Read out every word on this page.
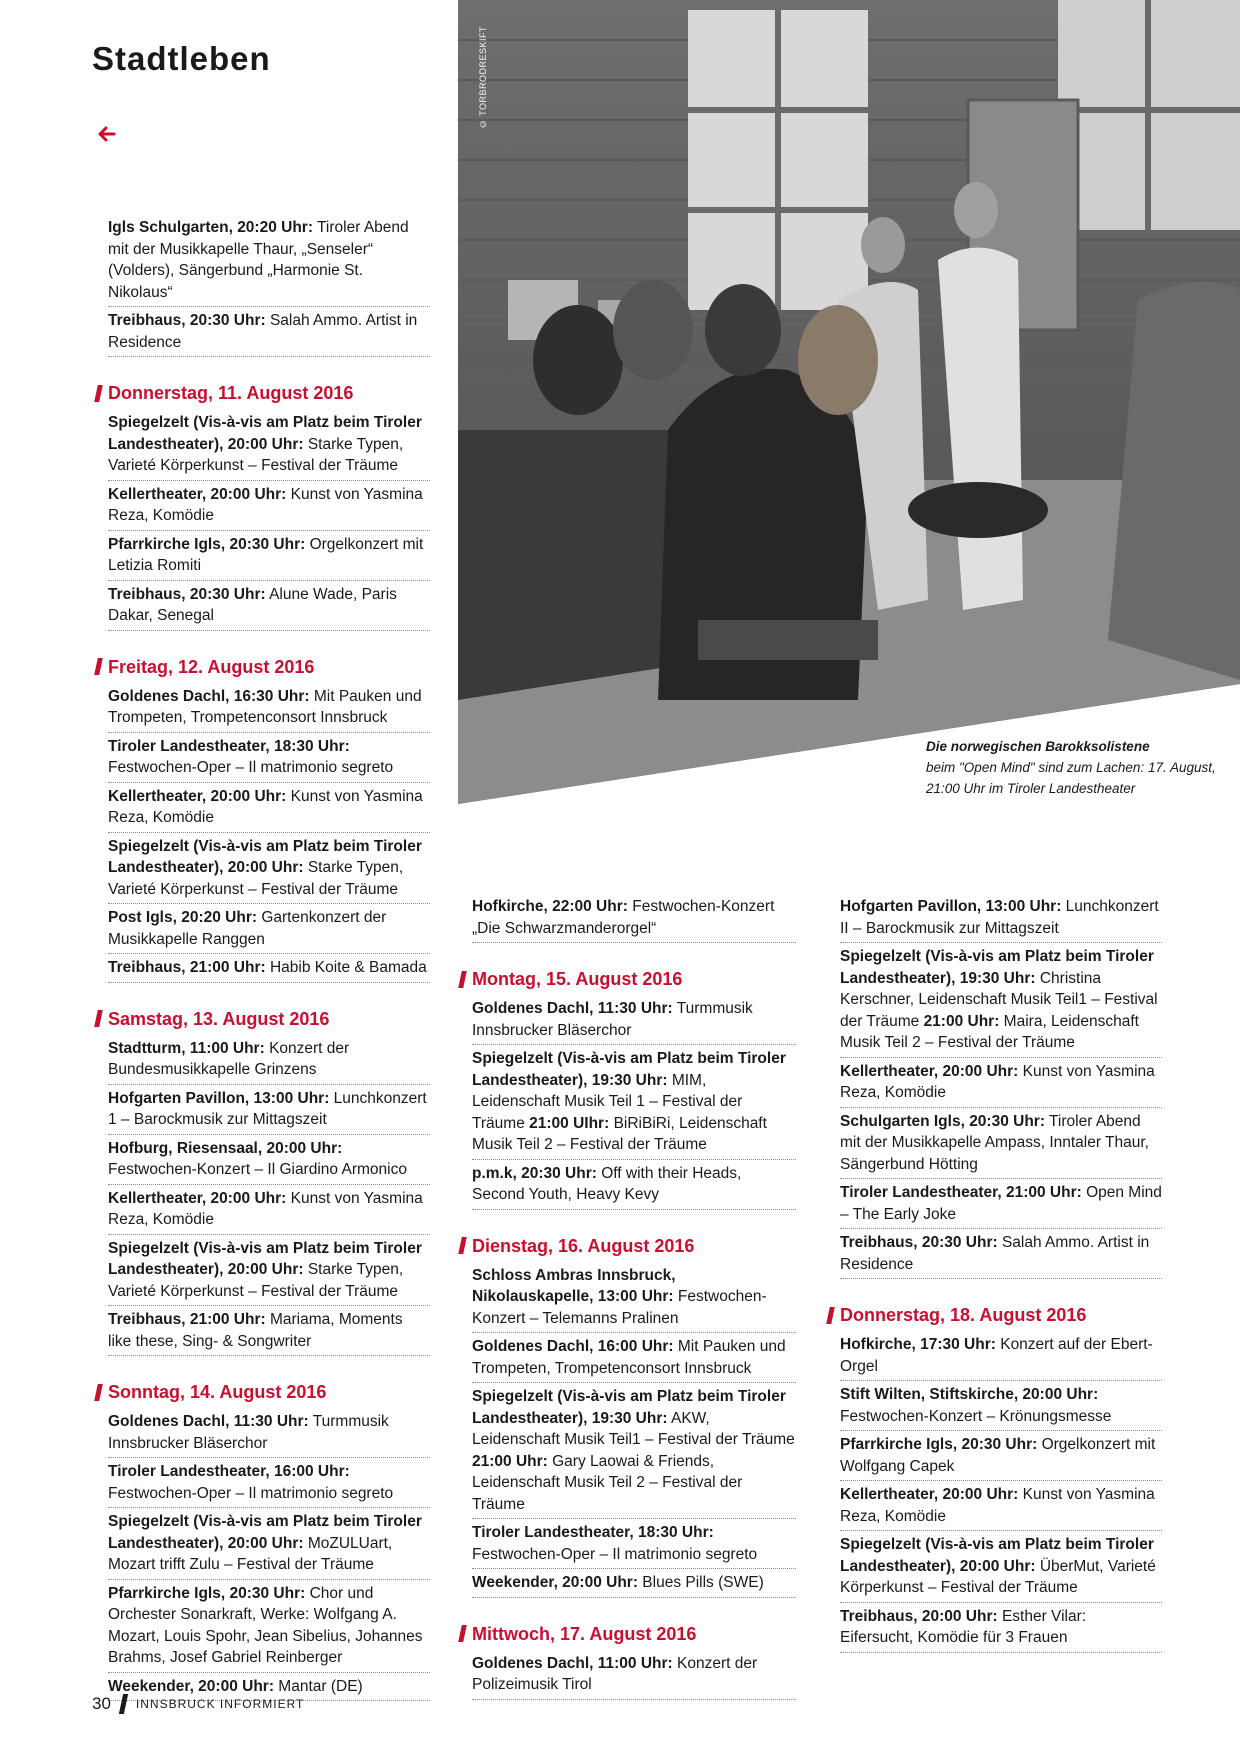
Stadtleben	© TORBRODRESKIFT
Die norwegischen Barokksolistene
beim "Open Mind" sind zum Lachen: 17. August, 21:00 Uhr im Tiroler Landestheater
Igls Schulgarten, 20:20 Uhr: Tiroler Abend mit der Musikkapelle Thaur, „Senseler“ (Volders), Sängerbund „Harmonie St. Nikolaus“
Treibhaus, 20:30 Uhr: Salah Ammo. Artist in Residence
Donnerstag, 11. August 2016
Spiegelzelt (Vis-à-vis am Platz beim Tiroler Landestheater), 20:00 Uhr: Starke Typen, Varieté Körperkunst – Festival der Träume
Kellertheater, 20:00 Uhr: Kunst von Yasmina Reza, Komödie
Pfarrkirche Igls, 20:30 Uhr: Orgelkonzert mit Letizia Romiti
Treibhaus, 20:30 Uhr: Alune Wade, Paris Dakar, Senegal
Freitag, 12. August 2016
Goldenes Dachl, 16:30 Uhr: Mit Pauken und Trompeten, Trompetenconsort Innsbruck
Tiroler Landestheater, 18:30 Uhr: Festwochen-Oper – Il matrimonio segreto
Kellertheater, 20:00 Uhr: Kunst von Yasmina Reza, Komödie
Spiegelzelt (Vis-à-vis am Platz beim Tiroler Landestheater), 20:00 Uhr: Starke Typen, Varieté Körperkunst – Festival der Träume
Post Igls, 20:20 Uhr: Gartenkonzert der Musikkapelle Ranggen
Treibhaus, 21:00 Uhr: Habib Koite & Bamada
Samstag, 13. August 2016
Stadtturm, 11:00 Uhr: Konzert der Bundesmusikkapelle Grinzens
Hofgarten Pavillon, 13:00 Uhr: Lunchkonzert 1 – Barockmusik zur Mittagszeit
Hofburg, Riesensaal, 20:00 Uhr: Festwochen-Konzert – Il Giardino Armonico
Kellertheater, 20:00 Uhr: Kunst von Yasmina Reza, Komödie
Spiegelzelt (Vis-à-vis am Platz beim Tiroler Landestheater), 20:00 Uhr: Starke Typen, Varieté Körperkunst – Festival der Träume
Treibhaus, 21:00 Uhr: Mariama, Moments like these, Sing- & Songwriter
Sonntag, 14. August 2016
Goldenes Dachl, 11:30 Uhr: Turmmusik Innsbrucker Bläserchor
Tiroler Landestheater, 16:00 Uhr: Festwochen-Oper – Il matrimonio segreto
Spiegelzelt (Vis-à-vis am Platz beim Tiroler Landestheater), 20:00 Uhr: MoZULUart, Mozart trifft Zulu – Festival der Träume
Pfarrkirche Igls, 20:30 Uhr: Chor und Orchester Sonarkraft, Werke: Wolfgang A. Mozart, Louis Spohr, Jean Sibelius, Johannes Brahms, Josef Gabriel Reinberger
Weekender, 20:00 Uhr: Mantar (DE)
Hofkirche, 22:00 Uhr: Festwochen-Konzert „Die Schwarzmanderorgel“
Montag, 15. August 2016
Goldenes Dachl, 11:30 Uhr: Turmmusik Innsbrucker Bläserchor
Spiegelzelt (Vis-à-vis am Platz beim Tiroler Landestheater), 19:30 Uhr: MIM, Leidenschaft Musik Teil 1 – Festival der Träume 21:00 UIhr: BiRiBiRi, Leidenschaft Musik Teil 2 – Festival der Träume
p.m.k, 20:30 Uhr: Off with their Heads, Second Youth, Heavy Kevy
Dienstag, 16. August 2016
Schloss Ambras Innsbruck, Nikolauskapelle, 13:00 Uhr: Festwochen-Konzert – Telemanns Pralinen
Goldenes Dachl, 16:00 Uhr: Mit Pauken und Trompeten, Trompetenconsort Innsbruck
Spiegelzelt (Vis-à-vis am Platz beim Tiroler Landestheater), 19:30 Uhr: AKW, Leidenschaft Musik Teil1 – Festival der Träume 21:00 Uhr: Gary Laowai & Friends, Leidenschaft Musik Teil 2 – Festival der Träume
Tiroler Landestheater, 18:30 Uhr: Festwochen-Oper – Il matrimonio segreto
Weekender, 20:00 Uhr: Blues Pills (SWE)
Mittwoch, 17. August 2016
Goldenes Dachl, 11:00 Uhr: Konzert der Polizeimusik Tirol
Hofgarten Pavillon, 13:00 Uhr: Lunchkonzert II – Barockmusik zur Mittagszeit
Spiegelzelt (Vis-à-vis am Platz beim Tiroler Landestheater), 19:30 Uhr: Christina Kerschner, Leidenschaft Musik Teil1 – Festival der Träume 21:00 Uhr: Maira, Leidenschaft Musik Teil 2 – Festival der Träume
Kellertheater, 20:00 Uhr: Kunst von Yasmina Reza, Komödie
Schulgarten Igls, 20:30 Uhr: Tiroler Abend mit der Musikkapelle Ampass, Inntaler Thaur, Sängerbund Hötting
Tiroler Landestheater, 21:00 Uhr: Open Mind – The Early Joke
Treibhaus, 20:30 Uhr: Salah Ammo. Artist in Residence
Donnerstag, 18. August 2016
Hofkirche, 17:30 Uhr: Konzert auf der Ebert-Orgel
Stift Wilten, Stiftskirche, 20:00 Uhr: Festwochen-Konzert – Krönungsmesse
Pfarrkirche Igls, 20:30 Uhr: Orgelkonzert mit Wolfgang Capek
Kellertheater, 20:00 Uhr: Kunst von Yasmina Reza, Komödie
Spiegelzelt (Vis-à-vis am Platz beim Tiroler Landestheater), 20:00 Uhr: ÜberMut, Varieté Körperkunst – Festival der Träume
Treibhaus, 20:00 Uhr: Esther Vilar: Eifersucht, Komödie für 3 Frauen
30 INNSBRUCK INFORMIERT
